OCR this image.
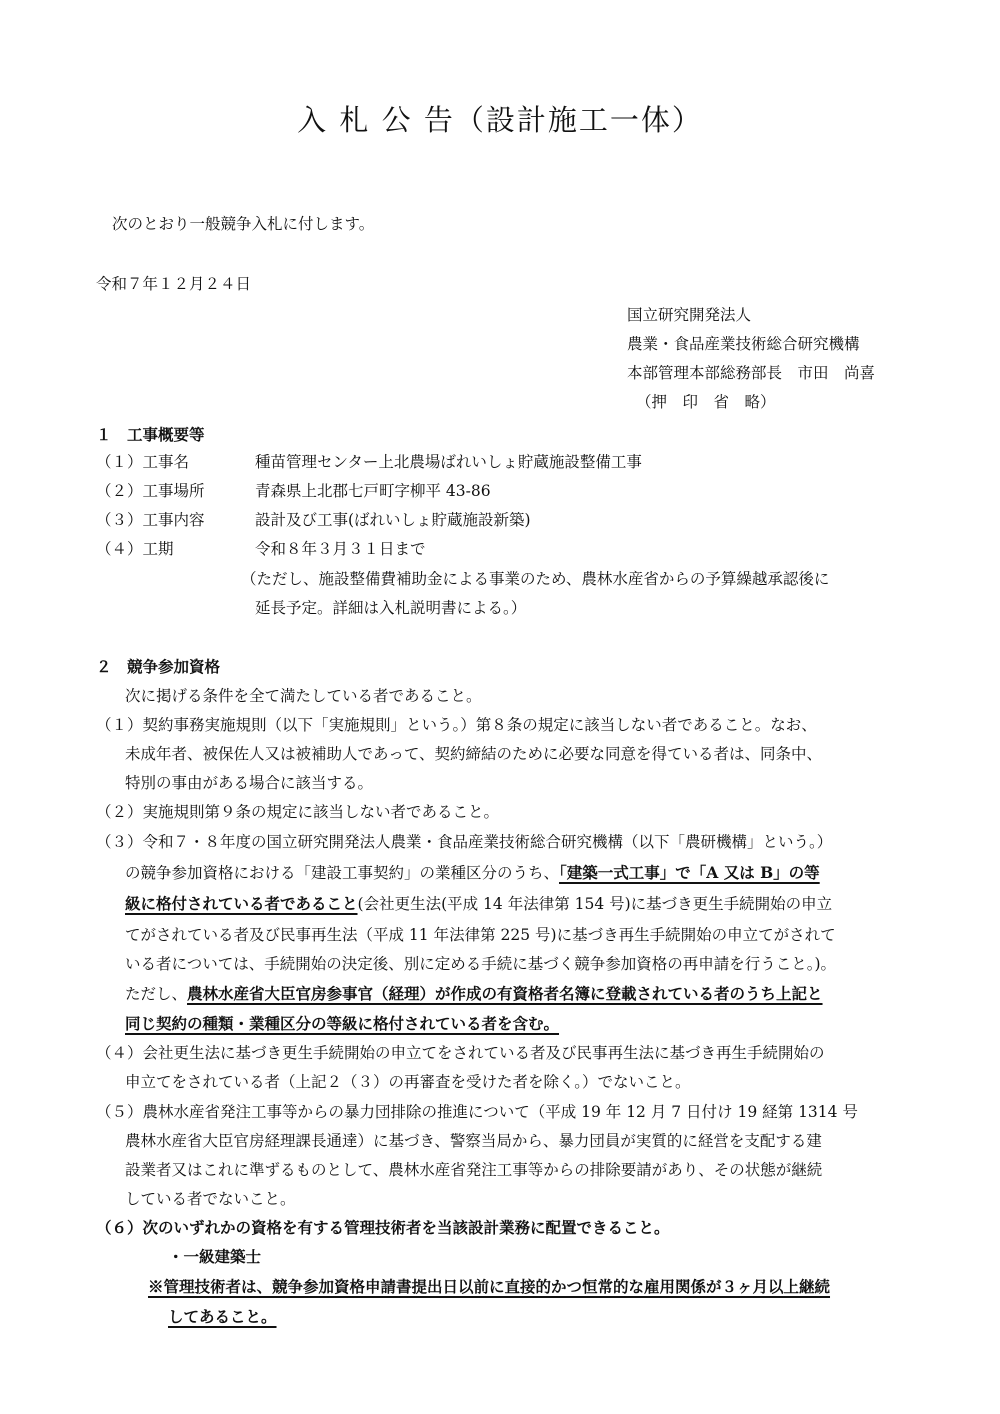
入 札 公 告（設計施工一体）
次のとおり一般競争入札に付します。
令和７年１２月２４日
国立研究開発法人
農業・食品産業技術総合研究機構
本部管理本部総務部長　市田　尚喜
（押　印　省　略）
１　工事概要等
（１）工事名	種苗管理センター上北農場ばれいしょ貯蔵施設整備工事
（２）工事場所	青森県上北郡七戸町字柳平 43-86
（３）工事内容	設計及び工事(ばれいしょ貯蔵施設新築)
（４）工期	令和８年３月３１日まで
（ただし、施設整備費補助金による事業のため、農林水産省からの予算繰越承認後に
延長予定。詳細は入札説明書による。）
２　競争参加資格
次に掲げる条件を全て満たしている者であること。
（１）契約事務実施規則（以下「実施規則」という。）第８条の規定に該当しない者であること。なお、
未成年者、被保佐人又は被補助人であって、契約締結のために必要な同意を得ている者は、同条中、
特別の事由がある場合に該当する。
（２）実施規則第９条の規定に該当しない者であること。
（３）令和７・８年度の国立研究開発法人農業・食品産業技術総合研究機構（以下「農研機構」という。）
の競争参加資格における「建設工事契約」の業種区分のうち、「建築一式工事」で「A 又は B」の等
級に格付されている者であること(会社更生法(平成 14 年法律第 154 号)に基づき更生手続開始の申立
てがされている者及び民事再生法（平成 11 年法律第 225 号)に基づき再生手続開始の申立てがされて
いる者については、手続開始の決定後、別に定める手続に基づく競争参加資格の再申請を行うこと。)。
ただし、農林水産省大臣官房参事官（経理）が作成の有資格者名簿に登載されている者のうち上記と
同じ契約の種類・業種区分の等級に格付されている者を含む。
（４）会社更生法に基づき更生手続開始の申立てをされている者及び民事再生法に基づき再生手続開始の
申立てをされている者（上記２（３）の再審査を受けた者を除く。）でないこと。
（５）農林水産省発注工事等からの暴力団排除の推進について（平成 19 年 12 月 7 日付け 19 経第 1314 号
農林水産省大臣官房経理課長通達）に基づき、警察当局から、暴力団員が実質的に経営を支配する建
設業者又はこれに準ずるものとして、農林水産省発注工事等からの排除要請があり、その状態が継続
している者でないこと。
（６）次のいずれかの資格を有する管理技術者を当該設計業務に配置できること。
・一級建築士
※管理技術者は、競争参加資格申請書提出日以前に直接的かつ恒常的な雇用関係が３ヶ月以上継続
してあること。
